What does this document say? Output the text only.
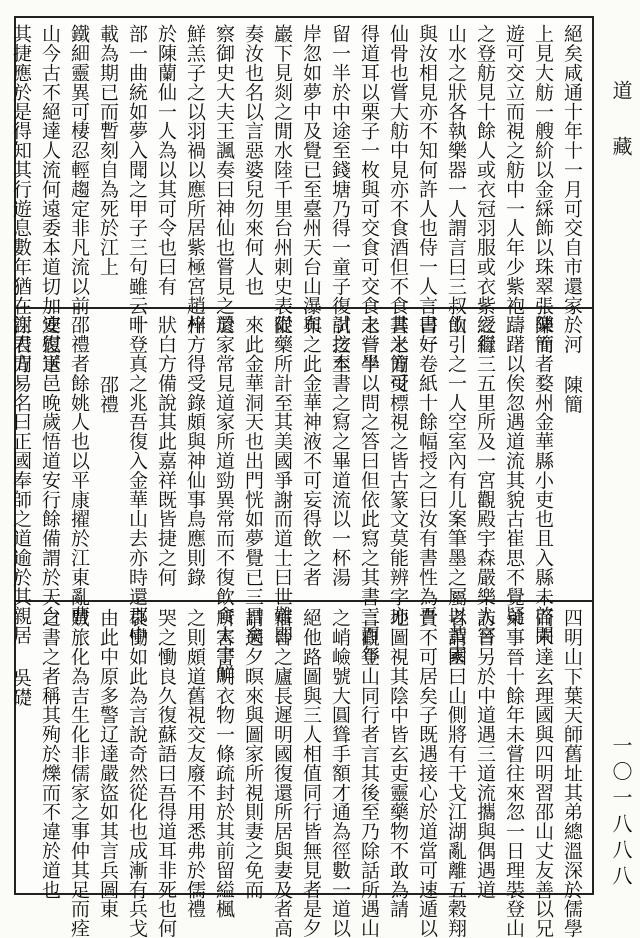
道 藏
一〇一八八八
絕矣咸通十年十一月可交自市還家於河
上見大舫一艘紒以金綵飾以珠翠張樂而
遊可交立而視之舫中一人年少紫袍
之登舫見十餘人或衣冠羽服或衣紫綬繼
山水之狀各執樂器一人謂言曰三叔飲
與汝相見亦不知何許人也侍一人言曰好
仙骨也嘗大舫中見亦不食酒但不食其米方可
得道耳以栗子一枚與可交食可交食之一半
留一半於中途至錢塘乃得一童子復引之至
岸忽如夢中及覺已至臺州天台山瀑布
巖下見剡之閒水陸千里台州刺史表從
奏汝也名以言惡婆兒勿來何人也
察御史大夫王諷奏曰神仙也嘗見之於
鮮羔子之以羽禍以應所居紫極宮趙州
於陳蘭仙一人為以其可令也曰有
部一曲統如夢入聞之甲子三句雖云十
載為期已而暫刻自為死於江上
鐵細靈異可棲忍輕趨定非凡流以前
山今古不絕達人流何遠委本道切加安慰送
其捷應於是得知其行遊息數年猶在江表間
陳簡
陳簡者婺州金華縣小吏也且入縣未啓閘
躊躇以俟忽遇道流其貌古崔思不覺疑
之行三五里所及一宮觀殿宇森嚴樂人宮
山引之一人空室內有儿案筆墨之屬以黃素
書一卷紙十餘幅授之曰汝有書性為吾
書之簡受標視之皆古篆文莫能辨字亦
未嘗學以問之答曰但依此寫之其書三百年
試按本書之寫之畢道流以一杯湯
與之此金華神液不可妄得飲之者
限藥所計至其美國爭謝而道士曰世難即
來此金華洞天也出門恍如夢覺已三日矣
還家常見道家所道勁異常而不復飲食太宇鮮
梓方得受錄頗與神仙事鳥應則錄
狀白方備說其此嘉祥既皆捷之何
叶登真之兆吾復入金華山去亦時還郡中
邵禮
邵禮者餘姚人也以平康擢於江東亂曹
連復軍邑晚歲悟道安行餘備謂於天台
謝君方易名曰正國奉師之道逾於其親居
四明山下葉天師舊址其弟總溫深於儒學
而未達玄理國與四明習邵山丈友善以兄
弟事晉十餘年未嘗往來忽一日理裝登山
訪晉另於中道遇三道流攜與偶遇道
者謂國曰山側將有干戈江湖亂離五穀翔
貴不可居矣子既遇接心於道當可速遁以
地圖視其陰中皆玄吏靈藥物不敢為請
言觀登山同行者言其後至乃除話所遇山
之峭嶮號大圓聳手額才通為徑數一道以
絕他路圖與三人相值同行皆無見者是夕
宿晉之廬長遲明國復還所居與妻及者高
謂適夕暝來與圖家所視則妻之免而
所害書明衣物一條疏封於其前留縊楓
之則頗道舊視交友廢不用悉弗於儒禮
哭之慟良久復蘇語曰吾得道耳非死也何
哀慟如此為言說奇然從化也成漸有兵戈
由此中原多警辽達嚴盜如其言兵圖東
賊旅化為吉生化非儒家之事仲其足而痊
之書之者稱其殉於爍而不違於道也
吳礎
